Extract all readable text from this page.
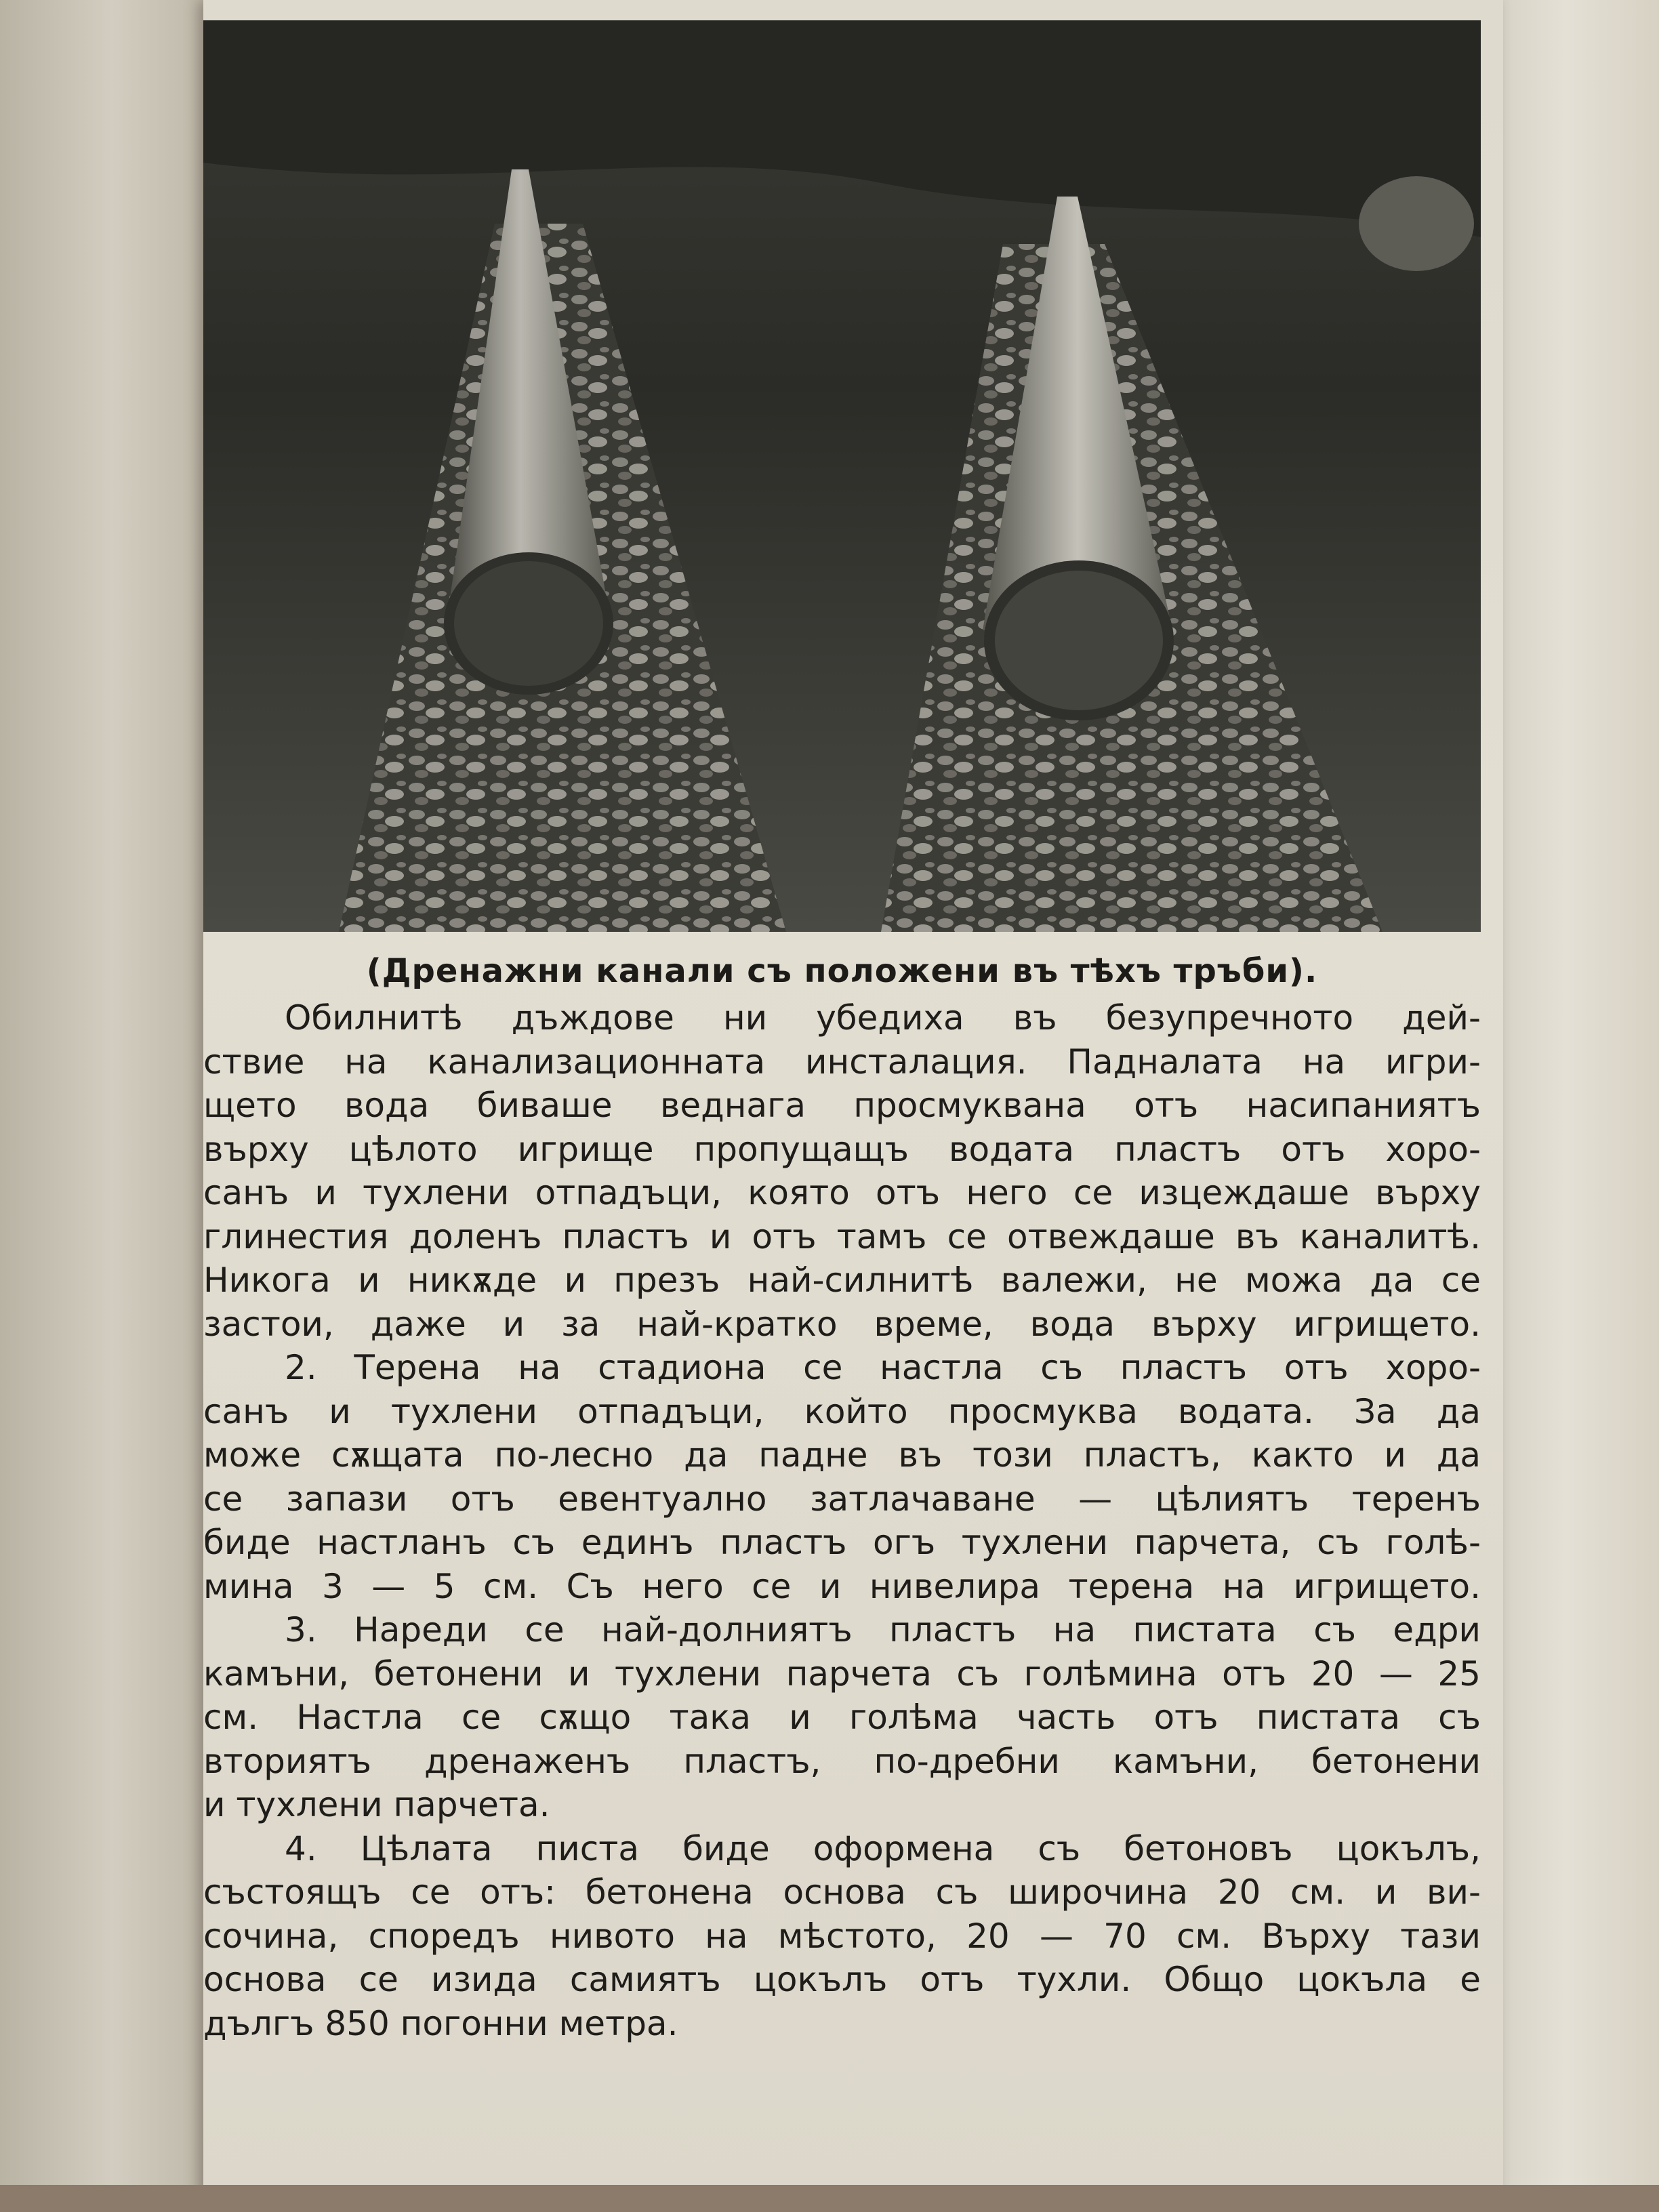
(Дренажни канали съ положени въ тѣхъ тръби).
Обилнитѣ дъждове ни убедиха въ безупречното дей-
ствие на канализационната инсталация. Падналата на игри-
щето вода биваше веднага просмуквана отъ насипаниятъ
върху цѣлото игрище пропущащъ водата пластъ отъ хоро-
санъ и тухлени отпадъци, която отъ него се изцеждаше върху
глинестия доленъ пластъ и отъ тамъ се отвеждаше въ каналитѣ.
Никога и никѫде и презъ най-силнитѣ валежи, не можа да се
застои, даже и за най-кратко време, вода върху игрището.
2. Терена на стадиона се настла съ пластъ отъ хоро-
санъ и тухлени отпадъци, който просмуква водата. За да
може сѫщата по-лесно да падне въ този пластъ, както и да
се запази отъ евентуално затлачаване — цѣлиятъ теренъ
биде настланъ съ единъ пластъ огъ тухлени парчета, съ голѣ-
мина 3 — 5 см. Съ него се и нивелира терена на игрището.
3. Нареди се най-долниятъ пластъ на пистата съ едри
камъни, бетонени и тухлени парчета съ голѣмина отъ 20 — 25
см. Настла се сѫщо така и голѣма часть отъ пистата съ
вториятъ дренаженъ пластъ, по-дребни камъни, бетонени
и тухлени парчета.
4. Цѣлата писта биде оформена съ бетоновъ цокълъ,
състоящъ се отъ: бетонена основа съ широчина 20 см. и ви-
сочина, споредъ нивото на мѣстото, 20 — 70 см. Върху тази
основа се изида самиятъ цокълъ отъ тухли. Общо цокъла е
дългъ 850 погонни метра.
